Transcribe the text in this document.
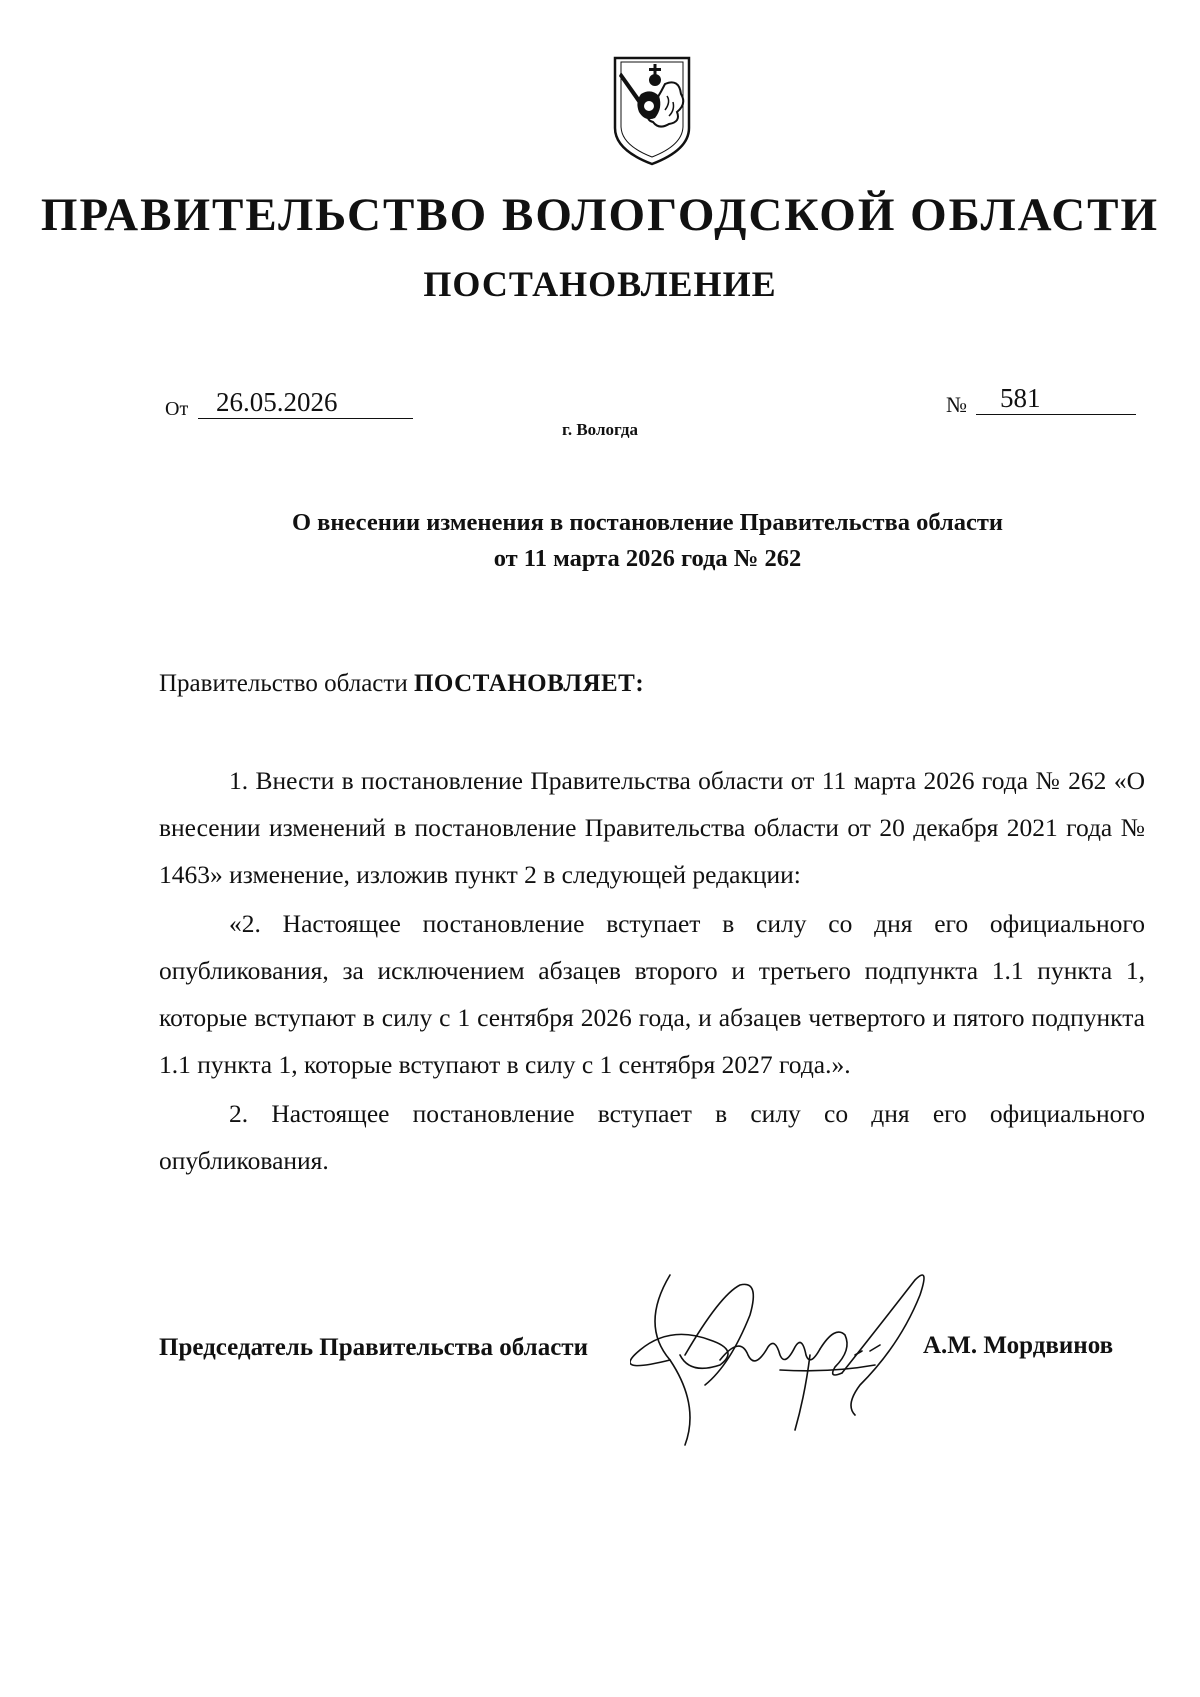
ПРАВИТЕЛЬСТВО ВОЛОГОДСКОЙ ОБЛАСТИ
ПОСТАНОВЛЕНИЕ
От	26.05.2026	№	581
г. Вологда
О внесении изменения в постановление Правительства области
от 11 марта 2026 года № 262
Правительство области ПОСТАНОВЛЯЕТ:

1. Внести в постановление Правительства области от 11 марта 2026 года № 262 «О внесении изменений в постановление Правительства области от 20 декабря 2021 года № 1463» изменение, изложив пункт 2 в следующей редакции:

«2. Настоящее постановление вступает в силу со дня его официального опубликования, за исключением абзацев второго и третьего подпункта 1.1 пункта 1, которые вступают в силу с 1 сентября 2026 года, и абзацев четвертого и пятого подпункта 1.1 пункта 1, которые вступают в силу с 1 сентября 2027 года.».

2. Настоящее постановление вступает в силу со дня его официального опубликования.

Председатель Правительства области	А.М. Мордвинов
